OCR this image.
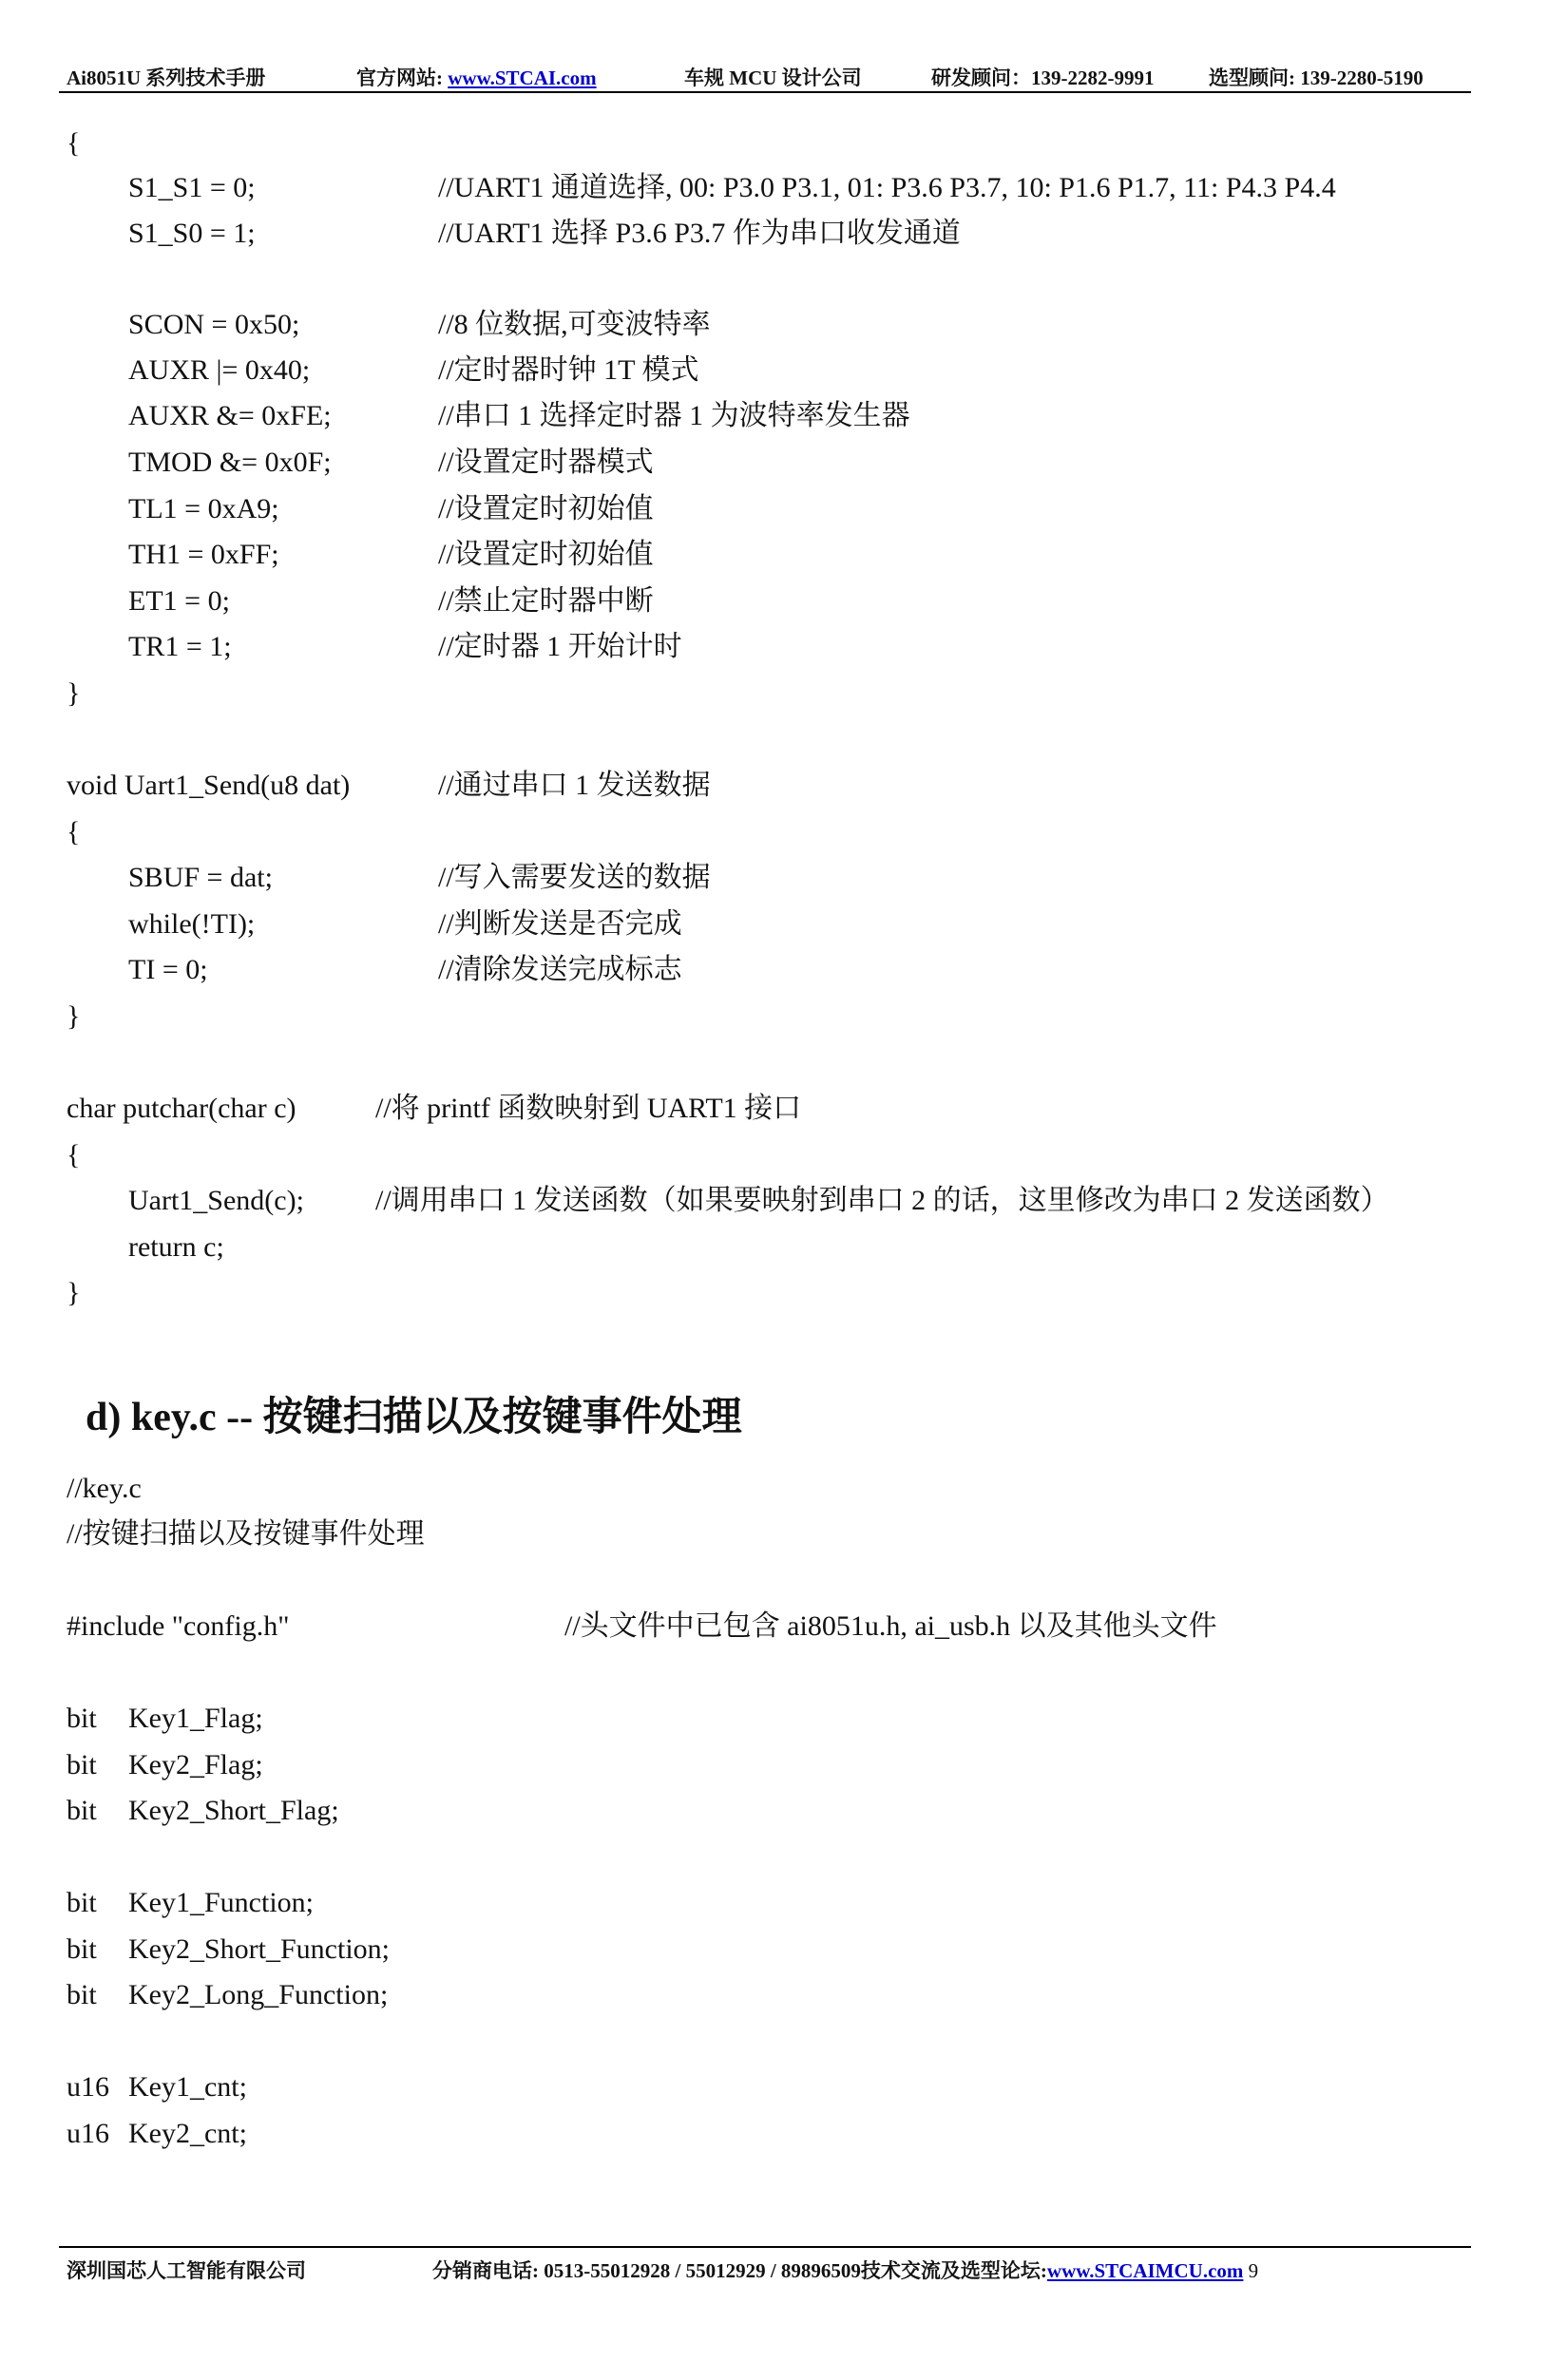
Ai8051U 系列技术手册	官方网站: www.STCAI.com	车规 MCU 设计公司	研发顾问：139-2282-9991	选型顾问: 139-2280-5190
{
S1_S1 = 0;	//UART1 通道选择, 00: P3.0 P3.1, 01: P3.6 P3.7, 10: P1.6 P1.7, 11: P4.3 P4.4
S1_S0 = 1;	//UART1 选择 P3.6 P3.7 作为串口收发通道
SCON = 0x50;	//8 位数据,可变波特率
AUXR |= 0x40;	//定时器时钟 1T 模式
AUXR &= 0xFE;	//串口 1 选择定时器 1 为波特率发生器
TMOD &= 0x0F;	//设置定时器模式
TL1 = 0xA9;	//设置定时初始值
TH1 = 0xFF;	//设置定时初始值
ET1 = 0;	//禁止定时器中断
TR1 = 1;	//定时器 1 开始计时
}
void Uart1_Send(u8 dat)	//通过串口 1 发送数据
{
SBUF = dat;	//写入需要发送的数据
while(!TI);	//判断发送是否完成
TI = 0;	//清除发送完成标志
}
char putchar(char c)	//将 printf 函数映射到 UART1 接口
{
Uart1_Send(c);	//调用串口 1 发送函数（如果要映射到串口 2 的话，这里修改为串口 2 发送函数）
return c;
}
d) key.c -- 按键扫描以及按键事件处理
//key.c
//按键扫描以及按键事件处理
#include "config.h"	//头文件中已包含 ai8051u.h, ai_usb.h 以及其他头文件
bit Key1_Flag;
bit Key2_Flag;
bit Key2_Short_Flag;
bit Key1_Function;
bit Key2_Short_Function;
bit Key2_Long_Function;
u16 Key1_cnt;
u16 Key2_cnt;
深圳国芯人工智能有限公司	分销商电话: 0513-55012928 / 55012929 / 89896509技术交流及选型论坛:www.STCAIMCU.com 9
